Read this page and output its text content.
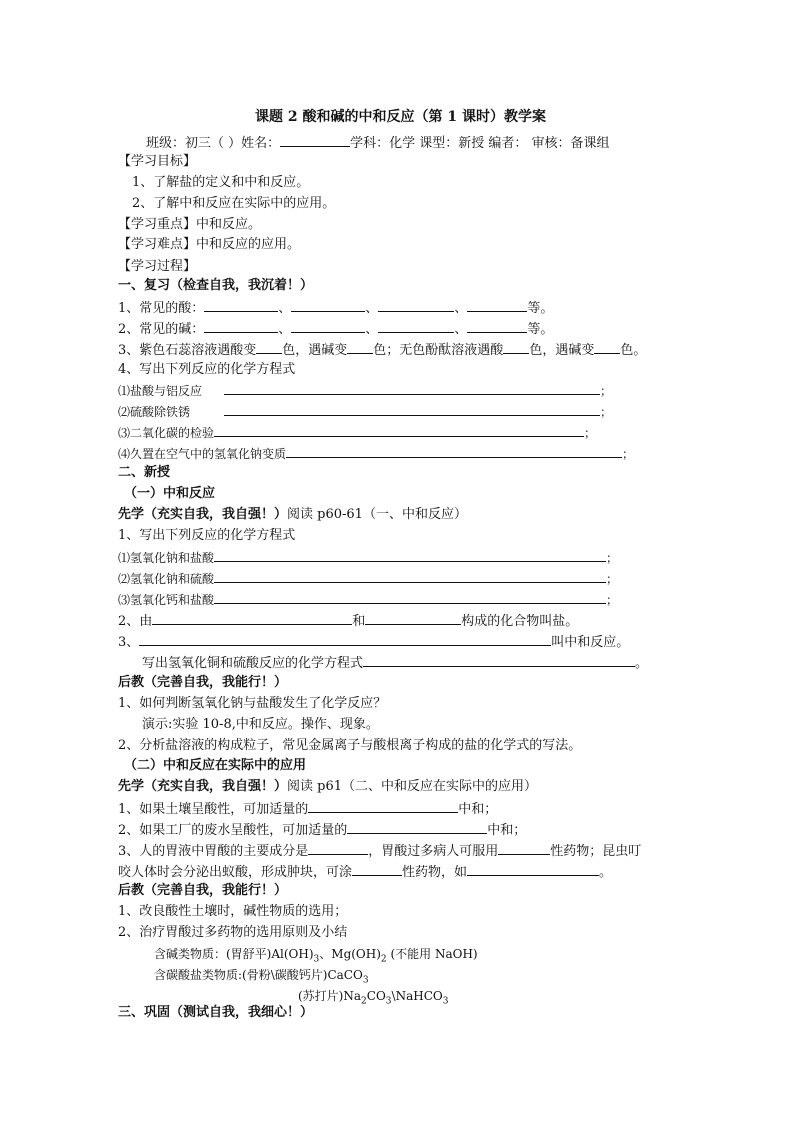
课题 2 酸和碱的中和反应（第 1 课时）教学案
班级：初三（ ）姓名：	学科：化学 课型：新授 编者： 审核：备课组
【学习目标】
1、了解盐的定义和中和反应。
2、了解中和反应在实际中的应用。
【学习重点】中和反应。
【学习难点】中和反应的应用。
【学习过程】
一、复习（检查自我，我沉着！）
1、常见的酸：	、	、	、	等。
2、常见的碱：	、	、	、	等。
3、紫色石蕊溶液遇酸变 色，遇碱变 色；无色酚酞溶液遇酸 色，遇碱变 色。
4、写出下列反应的化学方程式
⑴盐酸与铝反应	；
⑵硫酸除铁锈	；
⑶二氧化碳的检验	；
⑷久置在空气中的氢氧化钠变质	；
二、新授
（一）中和反应
先学（充实自我，我自强！）阅读 p60-61（一、中和反应）
1、写出下列反应的化学方程式
⑴氢氧化钠和盐酸	；
⑵氢氧化钠和硫酸	；
⑶氢氧化钙和盐酸	；
2、由	和	构成的化合物叫盐。
3、	叫中和反应。
写出氢氧化铜和硫酸反应的化学方程式	。
后教（完善自我，我能行！）
1、如何判断氢氧化钠与盐酸发生了化学反应？
演示:实验 10-8,中和反应。操作、现象。
2、分析盐溶液的构成粒子，常见金属离子与酸根离子构成的盐的化学式的写法。
（二）中和反应在实际中的应用
先学（充实自我，我自强！）阅读 p61（二、中和反应在实际中的应用）
1、如果土壤呈酸性，可加适量的	中和；
2、如果工厂的废水呈酸性，可加适量的	中和；
3、人的胃液中胃酸的主要成分是	，胃酸过多病人可服用	性药物；昆虫叮
咬人体时会分泌出蚁酸，形成肿块，可涂	性药物，如	。
后教（完善自我，我能行！）
1、改良酸性土壤时，碱性物质的选用；
2、治疗胃酸过多药物的选用原则及小结
含碱类物质：(胃舒平)$Al(OH)_3$、$Mg(OH)_2$ (不能用 NaOH)
含碳酸盐类物质:(骨粉\碳酸钙片)CaCO$_3$
(苏打片)$Na_2CO_3\backslash NaHCO_3$
三、巩固（测试自我，我细心！）
